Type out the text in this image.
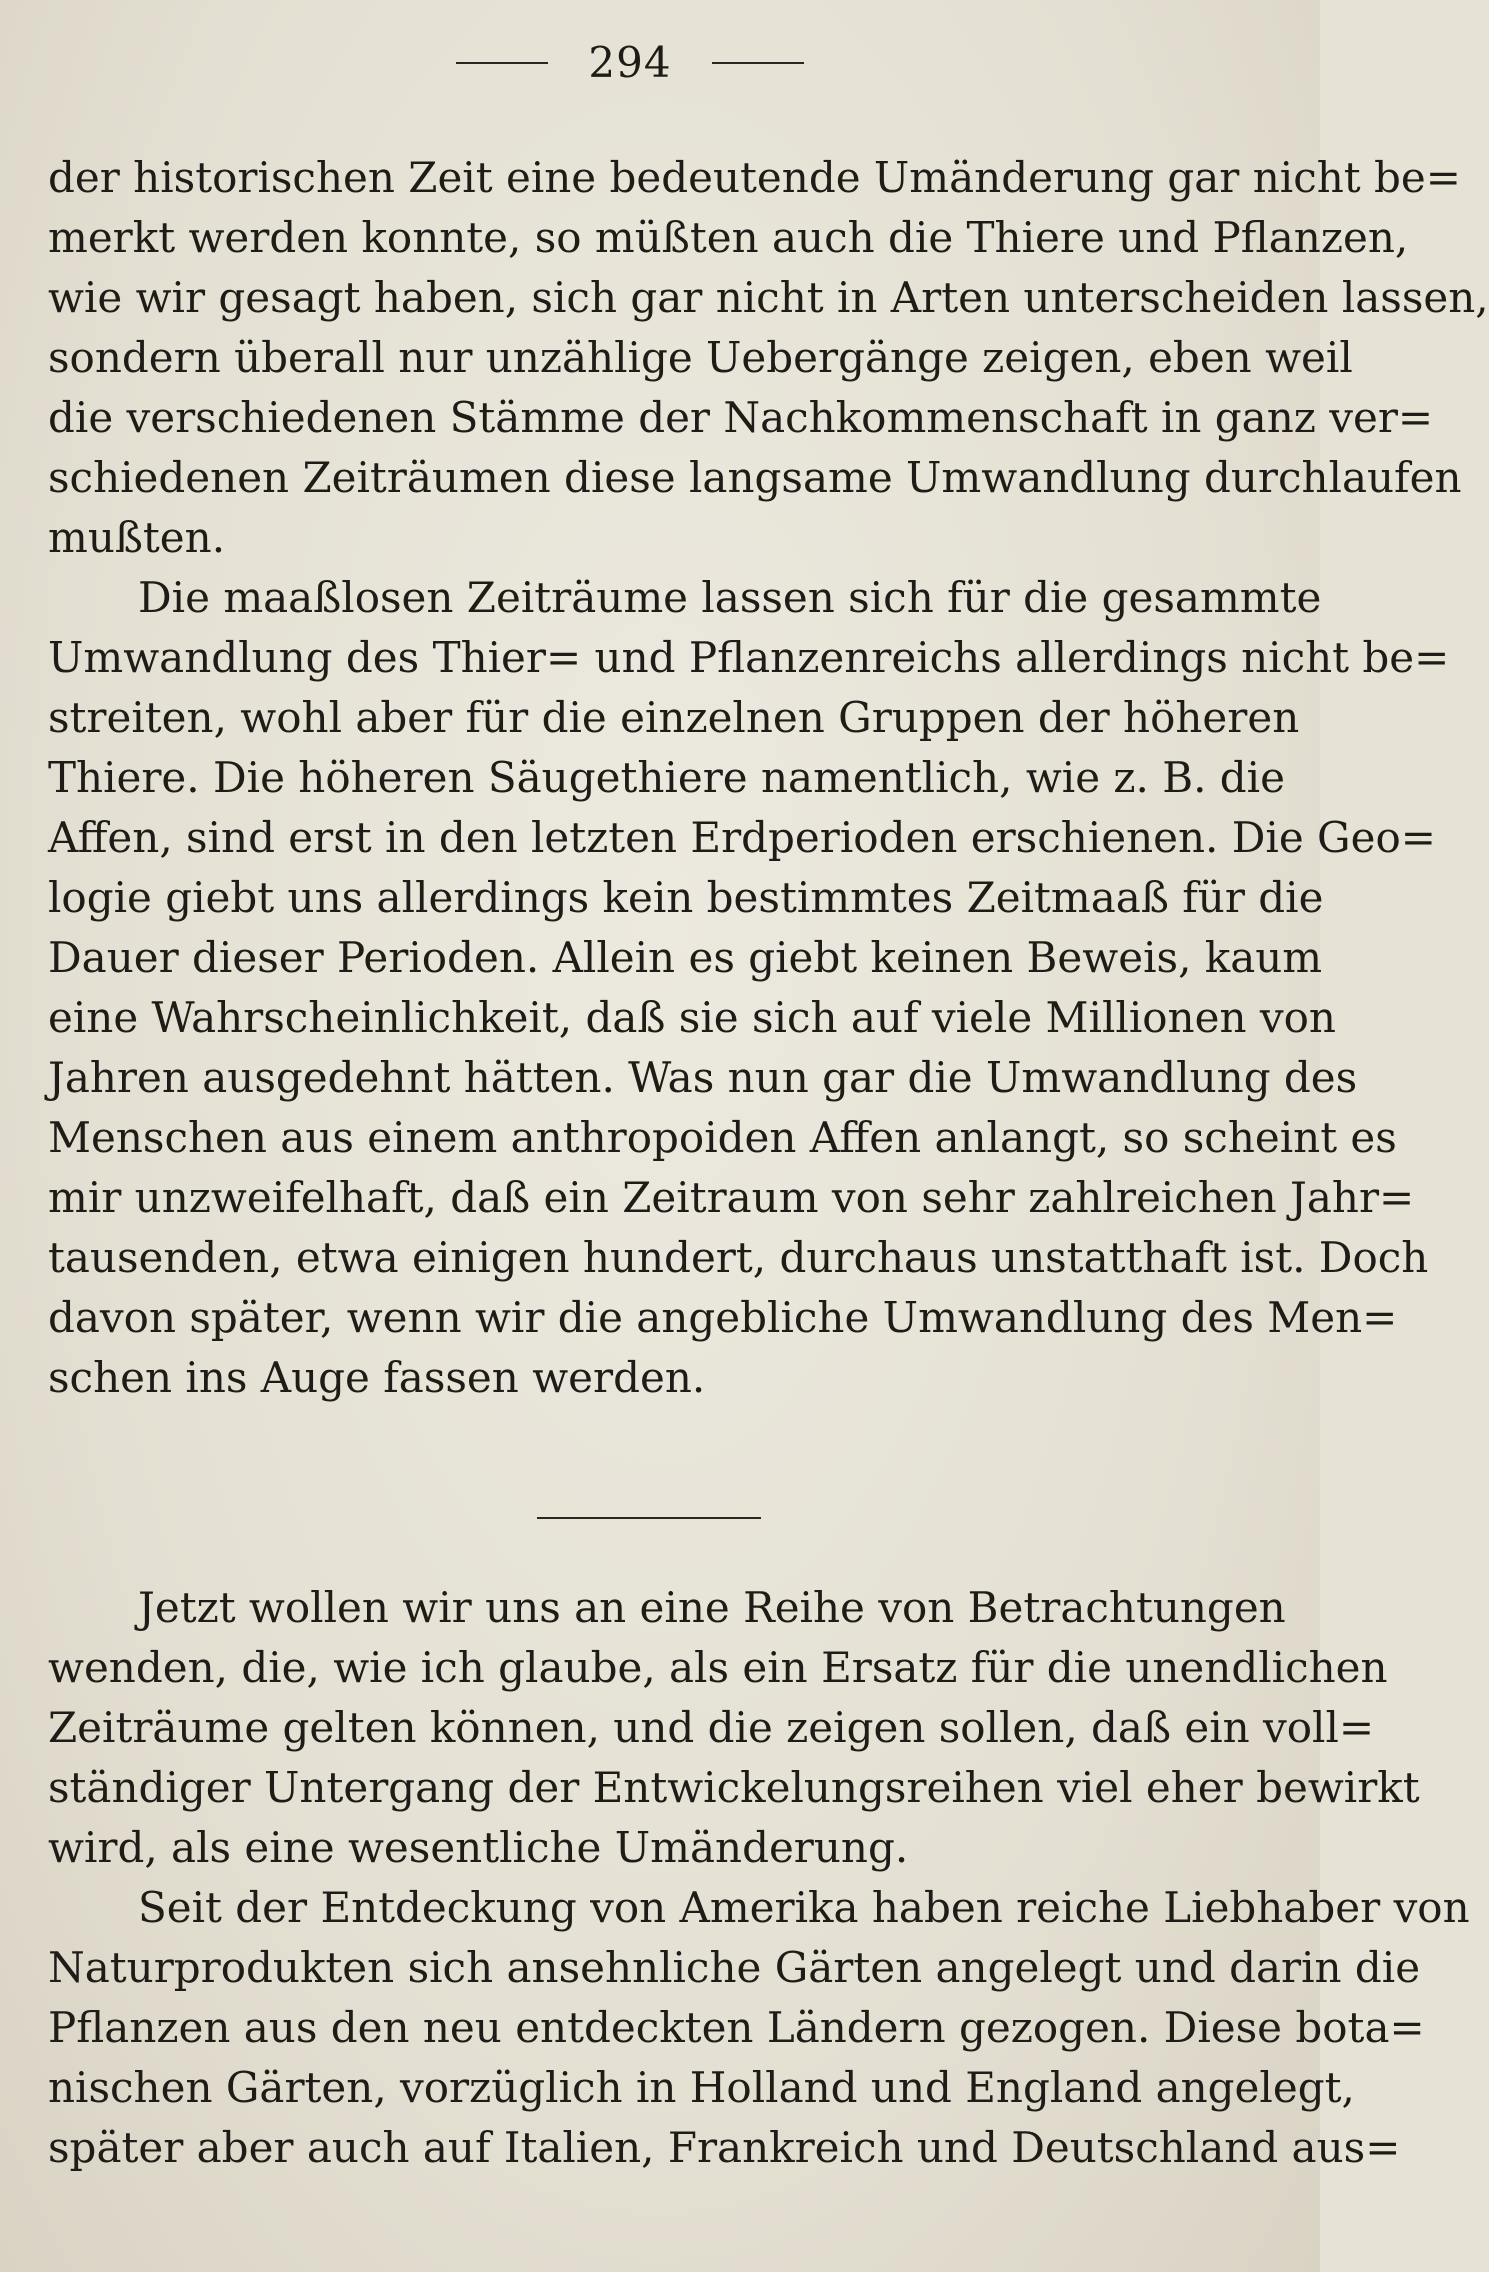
294
der historischen Zeit eine bedeutende Umänderung gar nicht be=
merkt werden konnte, so müßten auch die Thiere und Pflanzen,
wie wir gesagt haben, sich gar nicht in Arten unterscheiden lassen,
sondern überall nur unzählige Uebergänge zeigen, eben weil
die verschiedenen Stämme der Nachkommenschaft in ganz ver=
schiedenen Zeiträumen diese langsame Umwandlung durchlaufen
mußten.
Die maaßlosen Zeiträume lassen sich für die gesammte
Umwandlung des Thier= und Pflanzenreichs allerdings nicht be=
streiten, wohl aber für die einzelnen Gruppen der höheren
Thiere. Die höheren Säugethiere namentlich, wie z. B. die
Affen, sind erst in den letzten Erdperioden erschienen. Die Geo=
logie giebt uns allerdings kein bestimmtes Zeitmaaß für die
Dauer dieser Perioden. Allein es giebt keinen Beweis, kaum
eine Wahrscheinlichkeit, daß sie sich auf viele Millionen von
Jahren ausgedehnt hätten. Was nun gar die Umwandlung des
Menschen aus einem anthropoiden Affen anlangt, so scheint es
mir unzweifelhaft, daß ein Zeitraum von sehr zahlreichen Jahr=
tausenden, etwa einigen hundert, durchaus unstatthaft ist. Doch
davon später, wenn wir die angebliche Umwandlung des Men=
schen ins Auge fassen werden.
Jetzt wollen wir uns an eine Reihe von Betrachtungen
wenden, die, wie ich glaube, als ein Ersatz für die unendlichen
Zeiträume gelten können, und die zeigen sollen, daß ein voll=
ständiger Untergang der Entwickelungsreihen viel eher bewirkt
wird, als eine wesentliche Umänderung.
Seit der Entdeckung von Amerika haben reiche Liebhaber von
Naturprodukten sich ansehnliche Gärten angelegt und darin die
Pflanzen aus den neu entdeckten Ländern gezogen. Diese bota=
nischen Gärten, vorzüglich in Holland und England angelegt,
später aber auch auf Italien, Frankreich und Deutschland aus=
